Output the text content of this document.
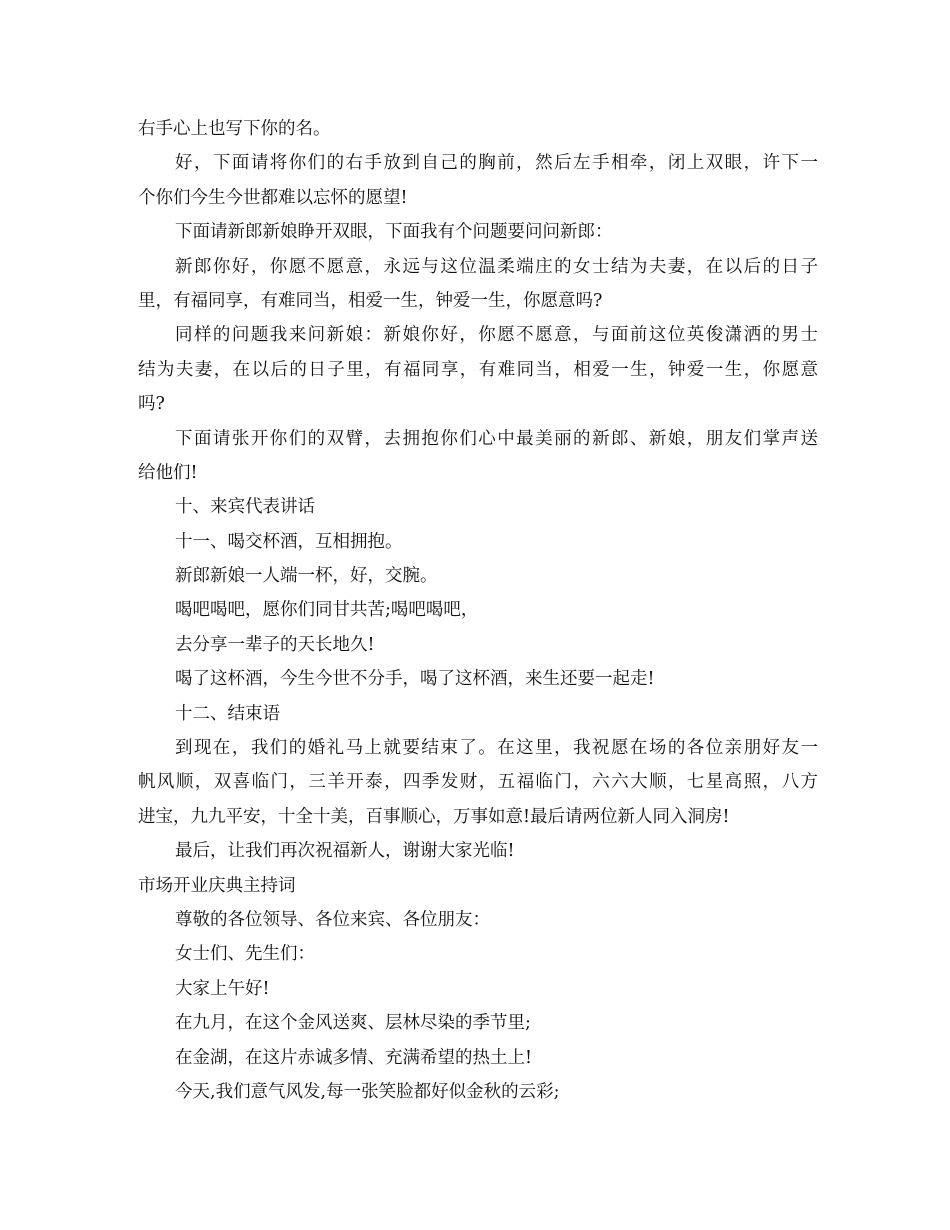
右手心上也写下你的名。
好，下面请将你们的右手放到自己的胸前，然后左手相牵，闭上双眼，许下一
个你们今生今世都难以忘怀的愿望!
下面请新郎新娘睁开双眼，下面我有个问题要问问新郎：
新郎你好，你愿不愿意，永远与这位温柔端庄的女士结为夫妻，在以后的日子
里，有福同享，有难同当，相爱一生，钟爱一生，你愿意吗?
同样的问题我来问新娘：新娘你好，你愿不愿意，与面前这位英俊潇洒的男士
结为夫妻，在以后的日子里，有福同享，有难同当，相爱一生，钟爱一生，你愿意
吗?
下面请张开你们的双臂，去拥抱你们心中最美丽的新郎、新娘，朋友们掌声送
给他们!
十、来宾代表讲话
十一、喝交杯酒，互相拥抱。
新郎新娘一人端一杯，好，交腕。
喝吧喝吧，愿你们同甘共苦;喝吧喝吧，
去分享一辈子的天长地久!
喝了这杯酒，今生今世不分手，喝了这杯酒，来生还要一起走!
十二、结束语
到现在，我们的婚礼马上就要结束了。在这里，我祝愿在场的各位亲朋好友一
帆风顺，双喜临门，三羊开泰，四季发财，五福临门，六六大顺，七星高照，八方
进宝，九九平安，十全十美，百事顺心，万事如意!最后请两位新人同入洞房!
最后，让我们再次祝福新人，谢谢大家光临!
市场开业庆典主持词
尊敬的各位领导、各位来宾、各位朋友：
女士们、先生们：
大家上午好!
在九月，在这个金风送爽、层林尽染的季节里;
在金湖，在这片赤诚多情、充满希望的热土上!
今天,我们意气风发,每一张笑脸都好似金秋的云彩;
